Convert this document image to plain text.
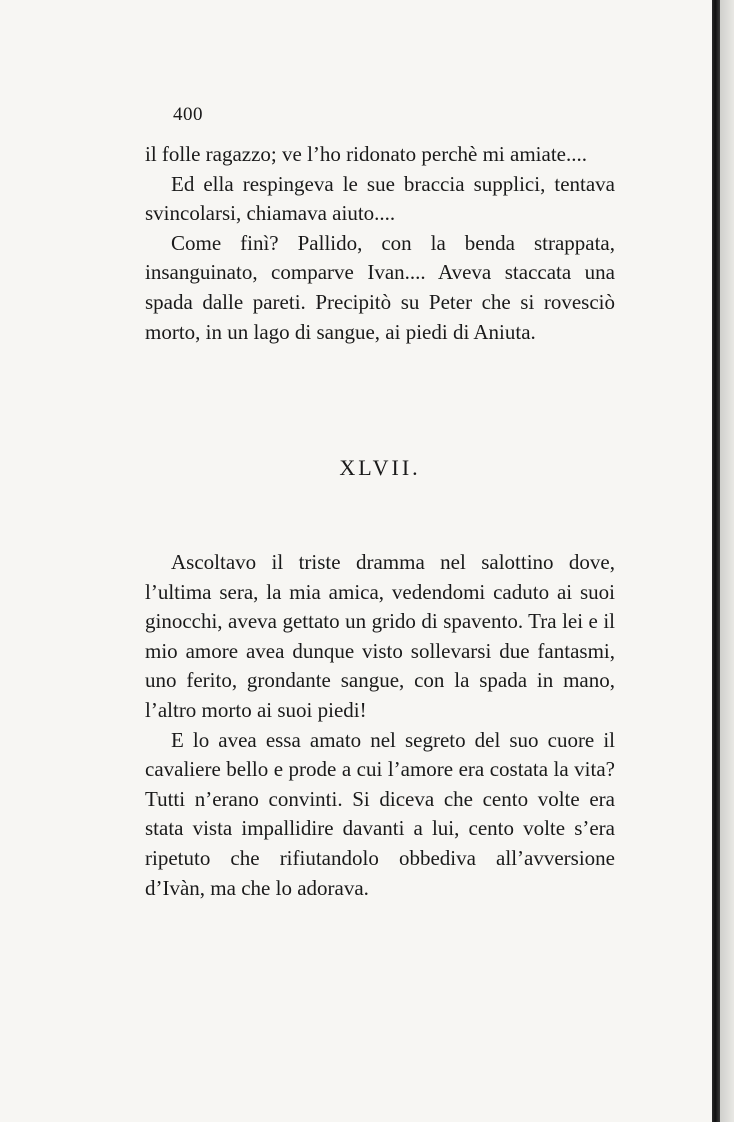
400

il folle ragazzo; ve l’ho ridonato perchè mi amiate....

Ed ella respingeva le sue braccia supplici, tentava svincolarsi, chiamava aiuto....

Come finì? Pallido, con la benda strappata, insanguinato, comparve Ivan.... Aveva staccata una spada dalle pareti. Precipitò su Peter che si rovesciò morto, in un lago di sangue, ai piedi di Aniuta.

XLVII.

Ascoltavo il triste dramma nel salottino dove, l’ultima sera, la mia amica, vedendomi caduto ai suoi ginocchi, aveva gettato un grido di spavento. Tra lei e il mio amore avea dunque visto sollevarsi due fantasmi, uno ferito, grondante sangue, con la spada in mano, l’altro morto ai suoi piedi!

E lo avea essa amato nel segreto del suo cuore il cavaliere bello e prode a cui l’amore era costata la vita? Tutti n’erano convinti. Si diceva che cento volte era stata vista impallidire davanti a lui, cento volte s’era ripetuto che rifiutandolo obbediva all’avversione d’Ivàn, ma che lo adorava.
